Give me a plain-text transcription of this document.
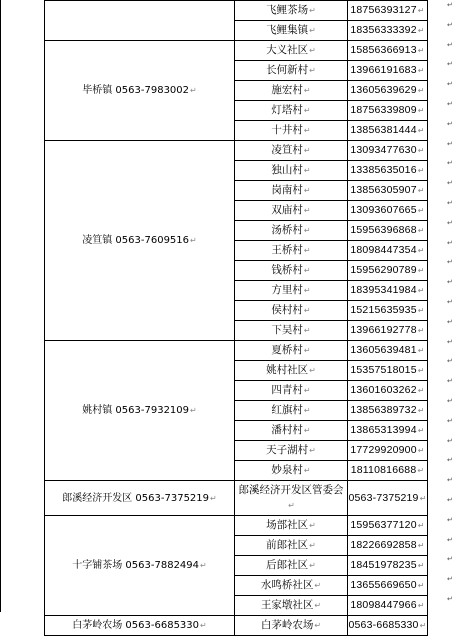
	飞鲤茶场↵	18756393127↵
	飞鲤集镇↵	18356333392↵
毕桥镇 0563-7983002↵	大义社区↵	15856366913↵
	长何新村↵	13966191683↵
	施宏村↵	13605639629↵
	灯塔村↵	18756339809↵
	十井村↵	13856381444↵
凌笪镇 0563-7609516↵	凌笪村↵	13093477630↵
	独山村↵	13385635016↵
	岗南村↵	13856305907↵
	双庙村↵	13093607665↵
	汤桥村↵	15956396868↵
	王桥村↵	18098447354↵
	钱桥村↵	15956290789↵
	方里村↵	18395341984↵
	侯村村↵	15215635935↵
	下吴村↵	13966192778↵
姚村镇 0563-7932109↵	夏桥村↵	13605639481↵
	姚村社区↵	15357518015↵
	四青村↵	13601603262↵
	红旗村↵	13856389732↵
	潘村村↵	13865313994↵
	天子湖村↵	17729920900↵
	妙泉村↵	18110816688↵
郎溪经济开发区 0563-7375219↵	郎溪经济开发区管委会↵	0563-7375219↵
十字铺茶场 0563-7882494↵	场部社区↵	15956377120↵
	前郎社区↵	18226692858↵
	后郎社区↵	18451978235↵
	水鸣桥社区↵	13655669650↵
	王家墩社区↵	18098447966↵
白茅岭农场 0563-6685330↵	白茅岭农场↵	0563-6685330↵
↵
↵
↵
↵
↵
↵
↵
↵
↵
↵
↵
↵
↵
↵
↵
↵
↵
↵
↵
↵
↵
↵
↵
↵
↵
↵
↵
↵
↵
↵
↵
